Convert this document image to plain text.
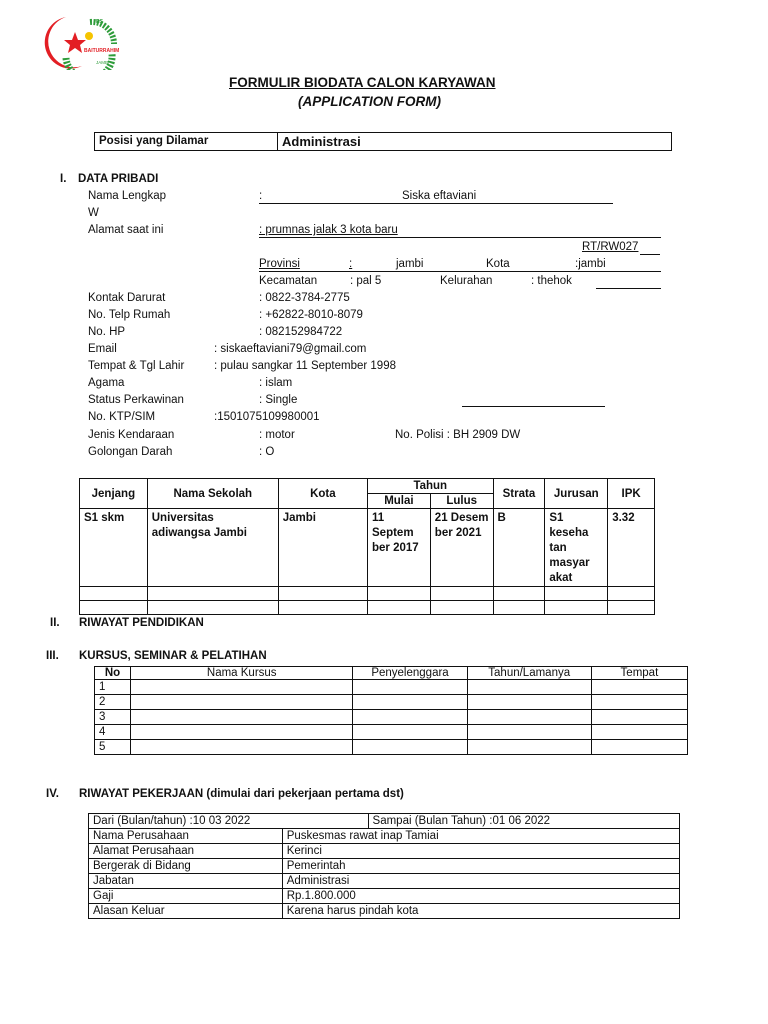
RS
BAITURRAHIM
JAMBI
FORMULIR BIODATA CALON KARYAWAN
(APPLICATION FORM)
Posisi yang Dilamar	Administrasi
I. DATA PRIBADI
Nama Lengkap	:	Siska eftaviani
W
Alamat saat ini	: prumnas jalak 3 kota baru
RT/RW027
Provinsi	:	jambi	Kota	:jambi
Kecamatan	: pal 5	Kelurahan	: thehok
Kontak Darurat	: 0822-3784-2775
No. Telp Rumah	: +62822-8010-8079
No. HP	: 082152984722
Email	: siskaeftaviani79@gmail.com
Tempat & Tgl Lahir	: pulau sangkar 11 September 1998
Agama	: islam
Status Perkawinan	: Single
No. KTP/SIM	:1501075109980001
Jenis Kendaraan	: motor	No. Polisi : BH 2909 DW
Golongan Darah	: O
Jenjang	Nama Sekolah	Kota	Tahun		Strata	Jurusan	IPK
			Mulai	Lulus			
S1 skm	Universitas adiwangsa Jambi	Jambi	11 Septem ber 2017	21 Desem ber 2021	B	S1 keseha tan masyar akat	3.32

II. RIWAYAT PENDIDIKAN
III. KURSUS, SEMINAR & PELATIHAN
No	Nama Kursus	Penyelenggara	Tahun/Lamanya	Tempat
1				
2				
3				
4				
5				
IV. RIWAYAT PEKERJAAN (dimulai dari pekerjaan pertama dst)
Dari (Bulan/tahun) :10 03 2022		Sampai (Bulan Tahun) :01 06 2022
Nama Perusahaan	Puskesmas rawat inap Tamiai	
Alamat Perusahaan	Kerinci	
Bergerak di Bidang	Pemerintah	
Jabatan	Administrasi	
Gaji	Rp.1.800.000	
Alasan Keluar	Karena harus pindah kota	
